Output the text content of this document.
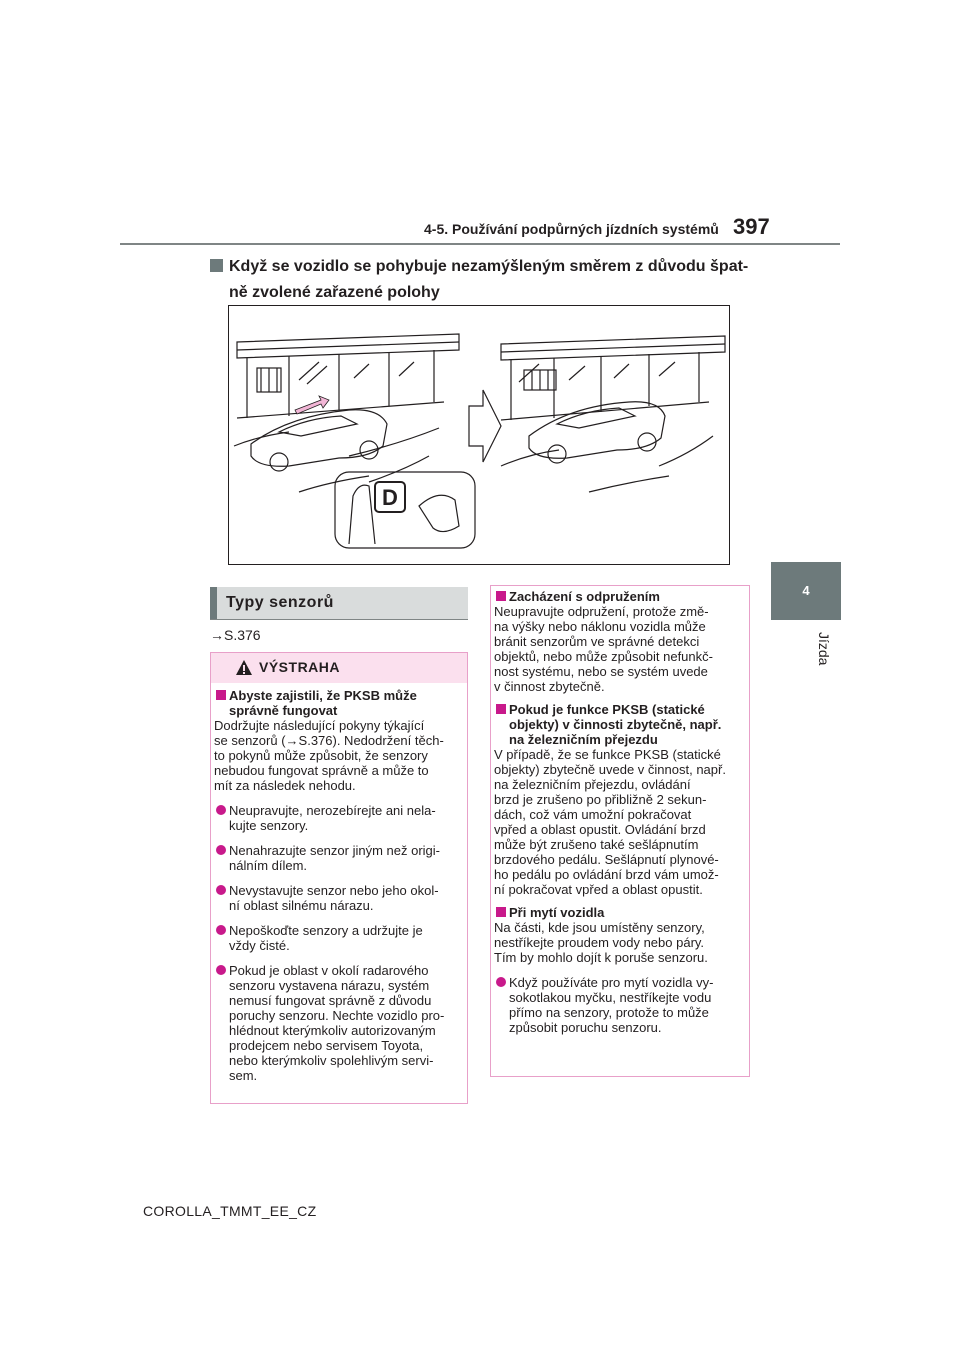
4-5. Používání podpůrných jízdních systémů 397
4
Jízda
Když se vozidlo se pohybuje nezamýšleným směrem z důvodu špat-
ně zvolené zařazené polohy
D
Typy senzorů
→S.376
VÝSTRAHA

Abyste zajistili, že PKSB může
správně fungovat

Dodržujte následující pokyny týkající
se senzorů (→S.376). Nedodržení těch-
to pokynů může způsobit, že senzory
nebudou fungovat správně a může to
mít za následek nehodu.

Neupravujte, nerozebírejte ani nela-
kujte senzory.

Nenahrazujte senzor jiným než origi-
nálním dílem.

Nevystavujte senzor nebo jeho okol-
ní oblast silnému nárazu.

Nepoškoďte senzory a udržujte je
vždy čisté.

Pokud je oblast v okolí radarového
senzoru vystavena nárazu, systém
nemusí fungovat správně z důvodu
poruchy senzoru. Nechte vozidlo pro-
hlédnout kterýmkoliv autorizovaným
prodejcem nebo servisem Toyota,
nebo kterýmkoliv spolehlivým servi-
sem.

Zacházení s odpružením

Neupravujte odpružení, protože změ-
na výšky nebo náklonu vozidla může
bránit senzorům ve správné detekci
objektů, nebo může způsobit nefunkč-
nost systému, nebo se systém uvede
v činnost zbytečně.

Pokud je funkce PKSB (statické
objekty) v činnosti zbytečně, např.
na železničním přejezdu

V případě, že se funkce PKSB (statické
objekty) zbytečně uvede v činnost, např.
na železničním přejezdu, ovládání
brzd je zrušeno po přibližně 2 sekun-
dách, což vám umožní pokračovat
vpřed a oblast opustit. Ovládání brzd
může být zrušeno také sešlápnutím
brzdového pedálu. Sešlápnutí plynové-
ho pedálu po ovládání brzd vám umož-
ní pokračovat vpřed a oblast opustit.

Při mytí vozidla

Na části, kde jsou umístěny senzory,
nestříkejte proudem vody nebo páry.
Tím by mohlo dojít k poruše senzoru.

Když používáte pro mytí vozidla vy-
sokotlakou myčku, nestříkejte vodu
přímo na senzory, protože to může
způsobit poruchu senzoru.

COROLLA_TMMT_EE_CZ
